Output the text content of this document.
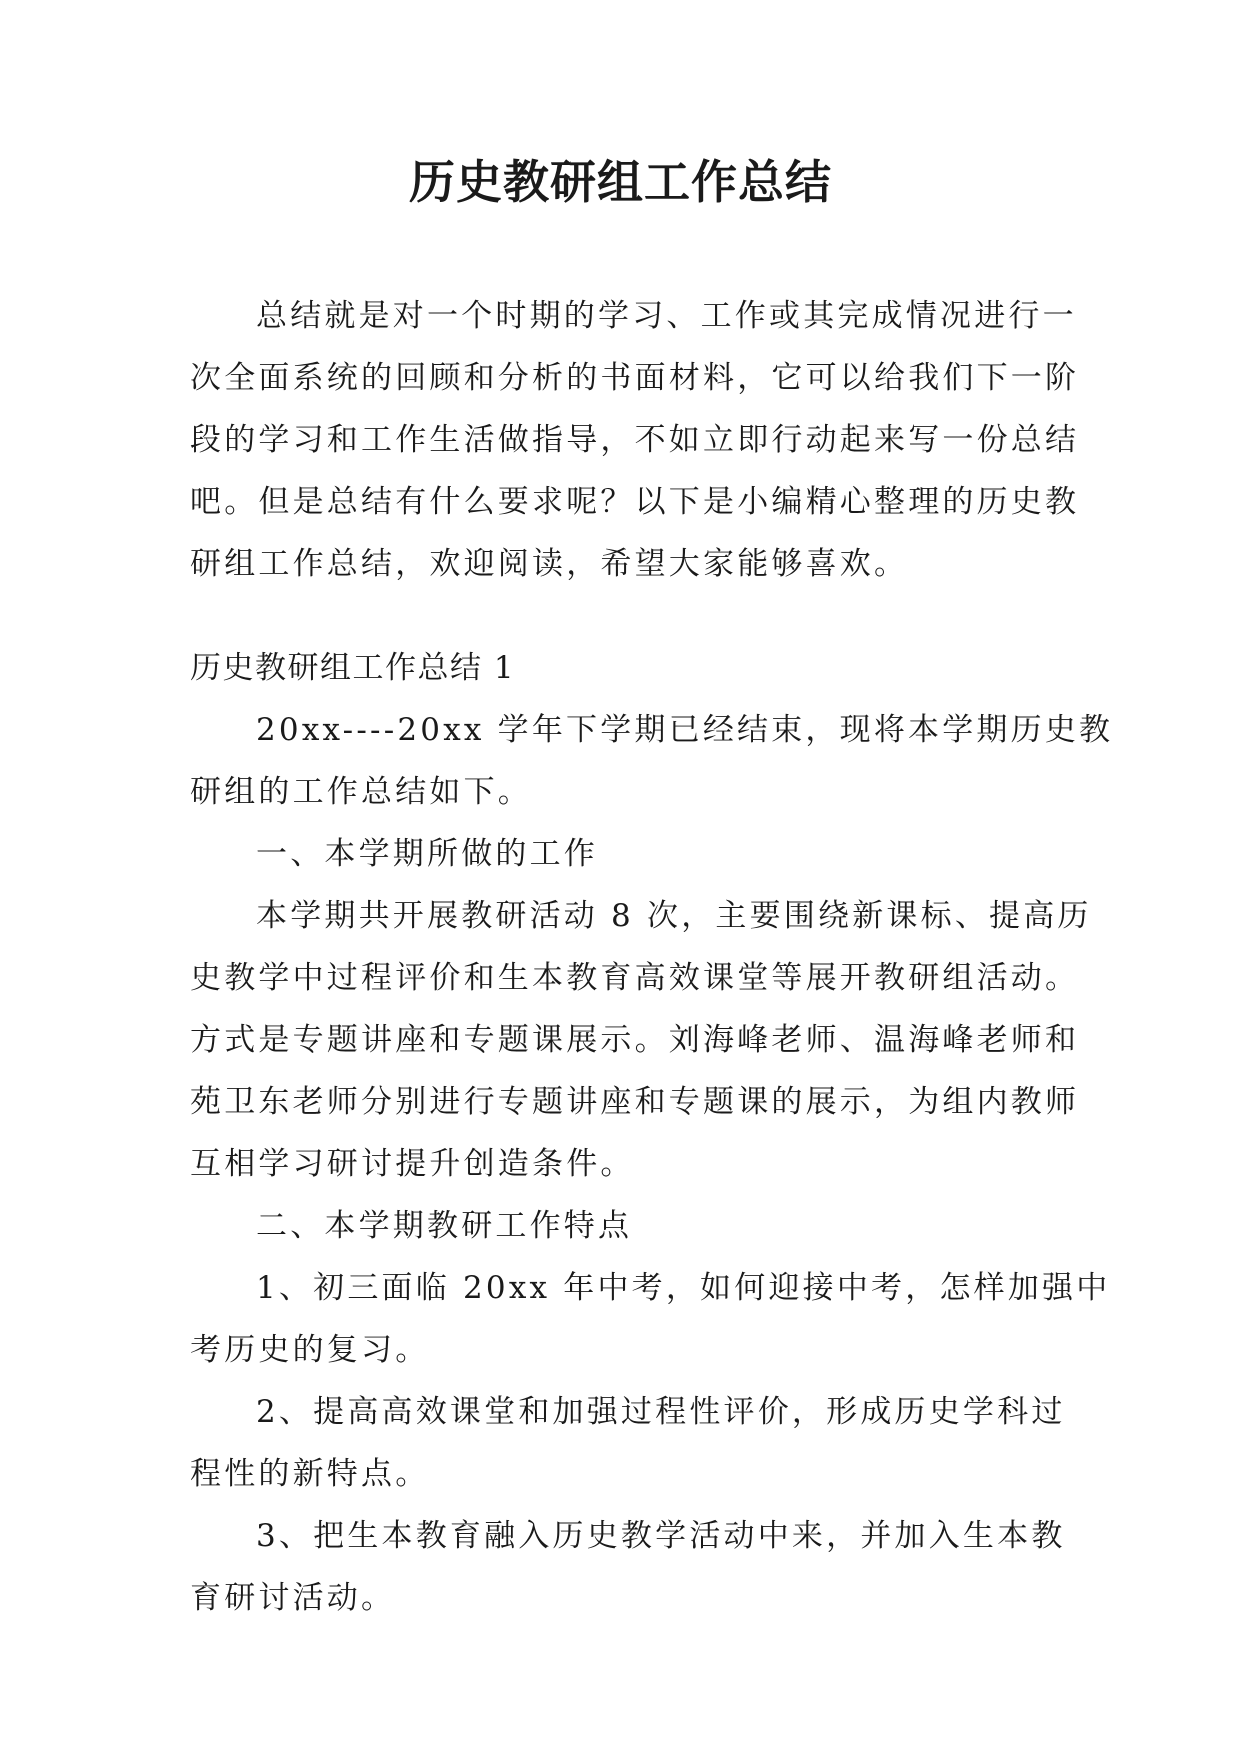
历史教研组工作总结

总结就是对一个时期的学习、工作或其完成情况进行一

次全面系统的回顾和分析的书面材料，它可以给我们下一阶

段的学习和工作生活做指导，不如立即行动起来写一份总结

吧。但是总结有什么要求呢？以下是小编精心整理的历史教

研组工作总结，欢迎阅读，希望大家能够喜欢。

历史教研组工作总结 1

20xx----20xx 学年下学期已经结束，现将本学期历史教

研组的工作总结如下。

一、本学期所做的工作

本学期共开展教研活动 8 次，主要围绕新课标、提高历

史教学中过程评价和生本教育高效课堂等展开教研组活动。

方式是专题讲座和专题课展示。刘海峰老师、温海峰老师和

苑卫东老师分别进行专题讲座和专题课的展示，为组内教师

互相学习研讨提升创造条件。

二、本学期教研工作特点

1、初三面临 20xx 年中考，如何迎接中考，怎样加强中

考历史的复习。

2、提高高效课堂和加强过程性评价，形成历史学科过

程性的新特点。

3、把生本教育融入历史教学活动中来，并加入生本教

育研讨活动。
